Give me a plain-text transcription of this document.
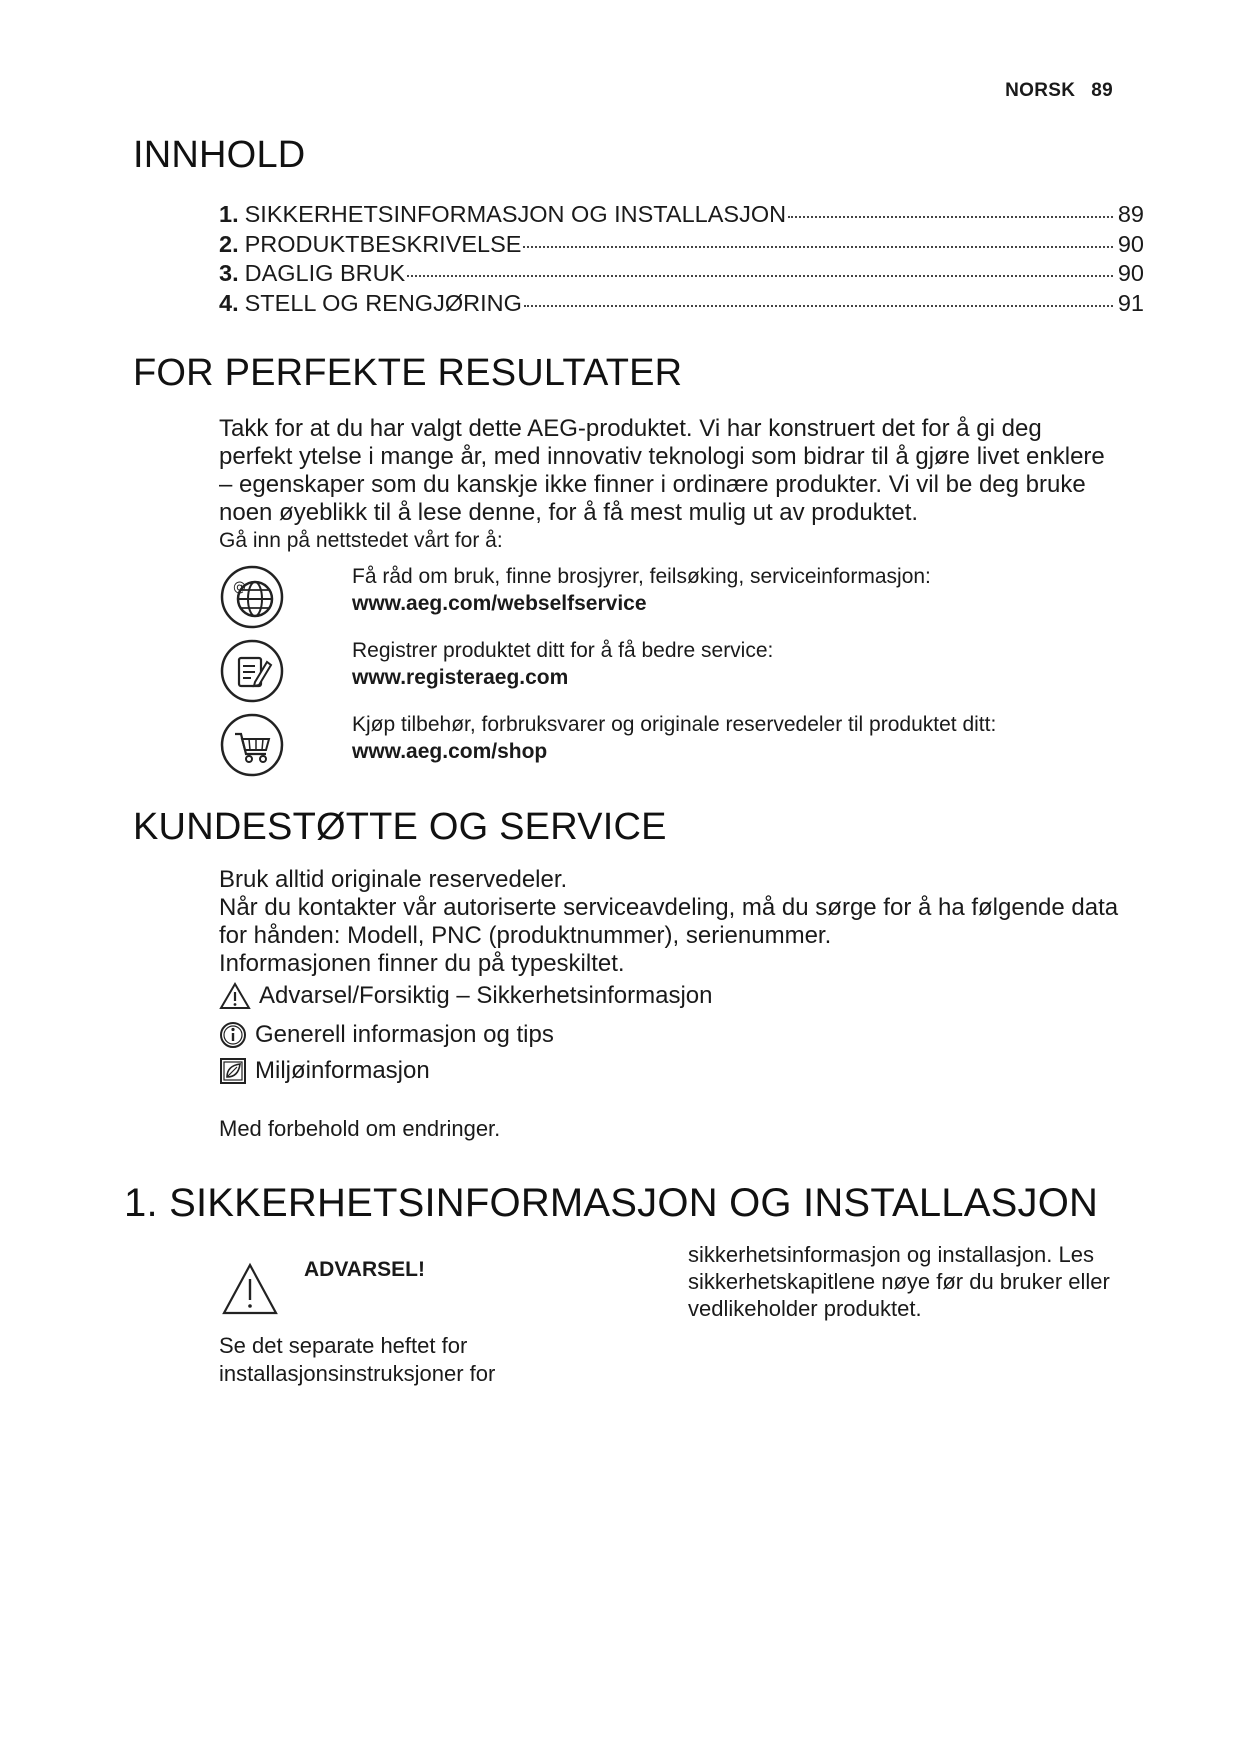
NORSK 89
INNHOLD
1. SIKKERHETSINFORMASJON OG INSTALLASJON	89
2. PRODUKTBESKRIVELSE	90
3. DAGLIG BRUK	90
4. STELL OG RENGJØRING	91
FOR PERFEKTE RESULTATER

Takk for at du har valgt dette AEG-produktet. Vi har konstruert det for å gi deg perfekt ytelse i mange år, med innovativ teknologi som bidrar til å gjøre livet enklere – egenskaper som du kanskje ikke finner i ordinære produkter. Vi vil be deg bruke noen øyeblikk til å lese denne, for å få mest mulig ut av produktet.

Gå inn på nettstedet vårt for å:

@	Få råd om bruk, finne brosjyrer, feilsøking, serviceinformasjon:
www.aeg.com/webselfservice
Registrer produktet ditt for å få bedre service:
www.registeraeg.com
Kjøp tilbehør, forbruksvarer og originale reservedeler til produktet ditt:
www.aeg.com/shop
KUNDESTØTTE OG SERVICE
Bruk alltid originale reservedeler.
Når du kontakter vår autoriserte serviceavdeling, må du sørge for å ha følgende data for hånden: Modell, PNC (produktnummer), serienummer.
Informasjonen finner du på typeskiltet.
Advarsel/Forsiktig – Sikkerhetsinformasjon
Generell informasjon og tips
Miljøinformasjon

Med forbehold om endringer.

1. SIKKERHETSINFORMASJON OG INSTALLASJON
ADVARSEL!

Se det separate heftet for installasjonsinstruksjoner for

sikkerhetsinformasjon og installasjon. Les sikkerhetskapitlene nøye før du bruker eller vedlikeholder produktet.
